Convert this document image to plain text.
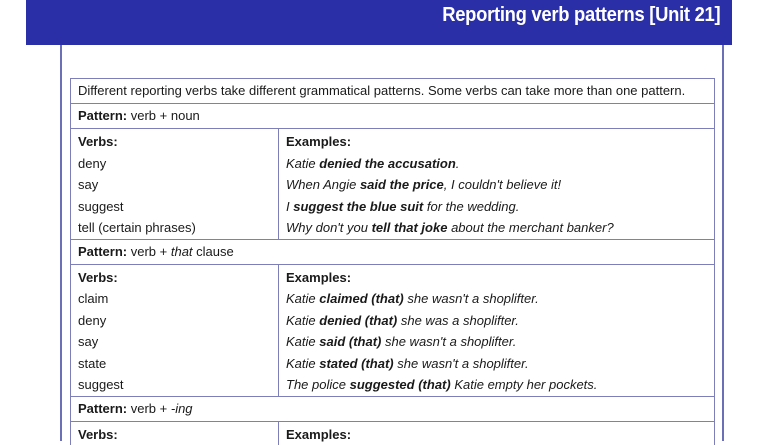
Reporting verb patterns [Unit 21]
Different reporting verbs take different grammatical patterns. Some verbs can take more than one pattern.
Pattern: verb + noun
Verbs:
deny
say
suggest
tell (certain phrases)
Examples:
Katie denied the accusation.
When Angie said the price, I couldn't believe it!
I suggest the blue suit for the wedding.
Why don't you tell that joke about the merchant banker?
Pattern: verb + that clause
Verbs:
claim
deny
say
state
suggest
Examples:
Katie claimed (that) she wasn't a shoplifter.
Katie denied (that) she was a shoplifter.
Katie said (that) she wasn't a shoplifter.
Katie stated (that) she wasn't a shoplifter.
The police suggested (that) Katie empty her pockets.
Pattern: verb + -ing
Verbs:	Examples:
